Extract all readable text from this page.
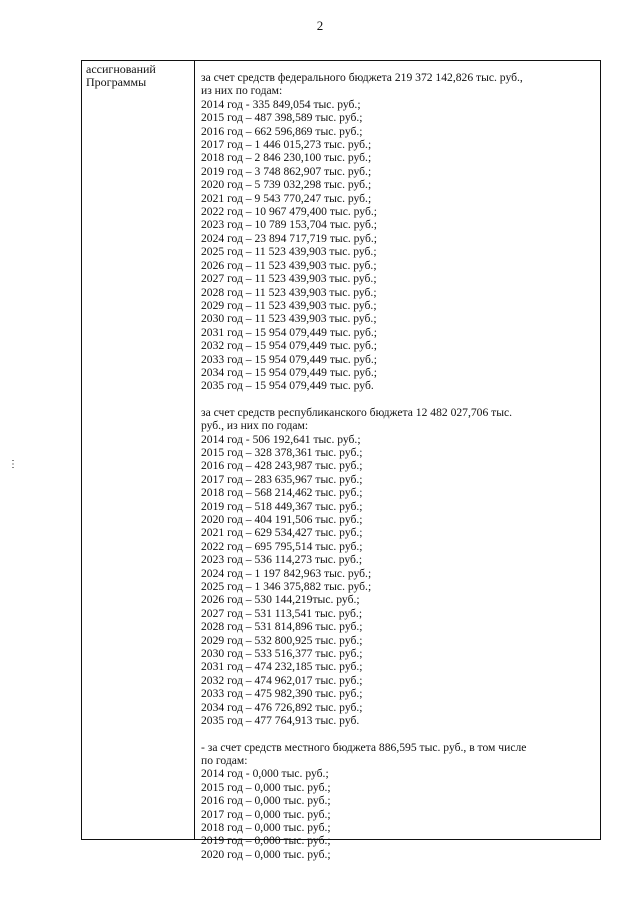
2
⋮
ассигнований
Программы	за счет средств федерального бюджета 219 372 142,826 тыс. руб.,
из них по годам:
2014 год - 335 849,054 тыс. руб.;
2015 год – 487 398,589 тыс. руб.;
2016 год – 662 596,869 тыс. руб.;
2017 год – 1 446 015,273 тыс. руб.;
2018 год – 2 846 230,100 тыс. руб.;
2019 год – 3 748 862,907 тыс. руб.;
2020 год – 5 739 032,298 тыс. руб.;
2021 год – 9 543 770,247 тыс. руб.;
2022 год – 10 967 479,400 тыс. руб.;
2023 год – 10 789 153,704 тыс. руб.;
2024 год – 23 894 717,719 тыс. руб.;
2025 год – 11 523 439,903 тыс. руб.;
2026 год – 11 523 439,903 тыс. руб.;
2027 год – 11 523 439,903 тыс. руб.;
2028 год – 11 523 439,903 тыс. руб.;
2029 год – 11 523 439,903 тыс. руб.;
2030 год – 11 523 439,903 тыс. руб.;
2031 год – 15 954 079,449 тыс. руб.;
2032 год – 15 954 079,449 тыс. руб.;
2033 год – 15 954 079,449 тыс. руб.;
2034 год – 15 954 079,449 тыс. руб.;
2035 год – 15 954 079,449 тыс. руб.
за счет средств республиканского бюджета 12 482 027,706 тыс.
руб., из них по годам:
2014 год - 506 192,641 тыс. руб.;
2015 год – 328 378,361 тыс. руб.;
2016 год – 428 243,987 тыс. руб.;
2017 год – 283 635,967 тыс. руб.;
2018 год – 568 214,462 тыс. руб.;
2019 год – 518 449,367 тыс. руб.;
2020 год – 404 191,506 тыс. руб.;
2021 год – 629 534,427 тыс. руб.;
2022 год – 695 795,514 тыс. руб.;
2023 год – 536 114,273 тыс. руб.;
2024 год – 1 197 842,963 тыс. руб.;
2025 год – 1 346 375,882 тыс. руб.;
2026 год – 530 144,219тыс. руб.;
2027 год – 531 113,541 тыс. руб.;
2028 год – 531 814,896 тыс. руб.;
2029 год – 532 800,925 тыс. руб.;
2030 год – 533 516,377 тыс. руб.;
2031 год – 474 232,185 тыс. руб.;
2032 год – 474 962,017 тыс. руб.;
2033 год – 475 982,390 тыс. руб.;
2034 год – 476 726,892 тыс. руб.;
2035 год – 477 764,913 тыс. руб.
- за счет средств местного бюджета 886,595 тыс. руб., в том числе
по годам:
2014 год - 0,000 тыс. руб.;
2015 год – 0,000 тыс. руб.;
2016 год – 0,000 тыс. руб.;
2017 год – 0,000 тыс. руб.;
2018 год – 0,000 тыс. руб.;
2019 год – 0,000 тыс. руб.;
2020 год – 0,000 тыс. руб.;
